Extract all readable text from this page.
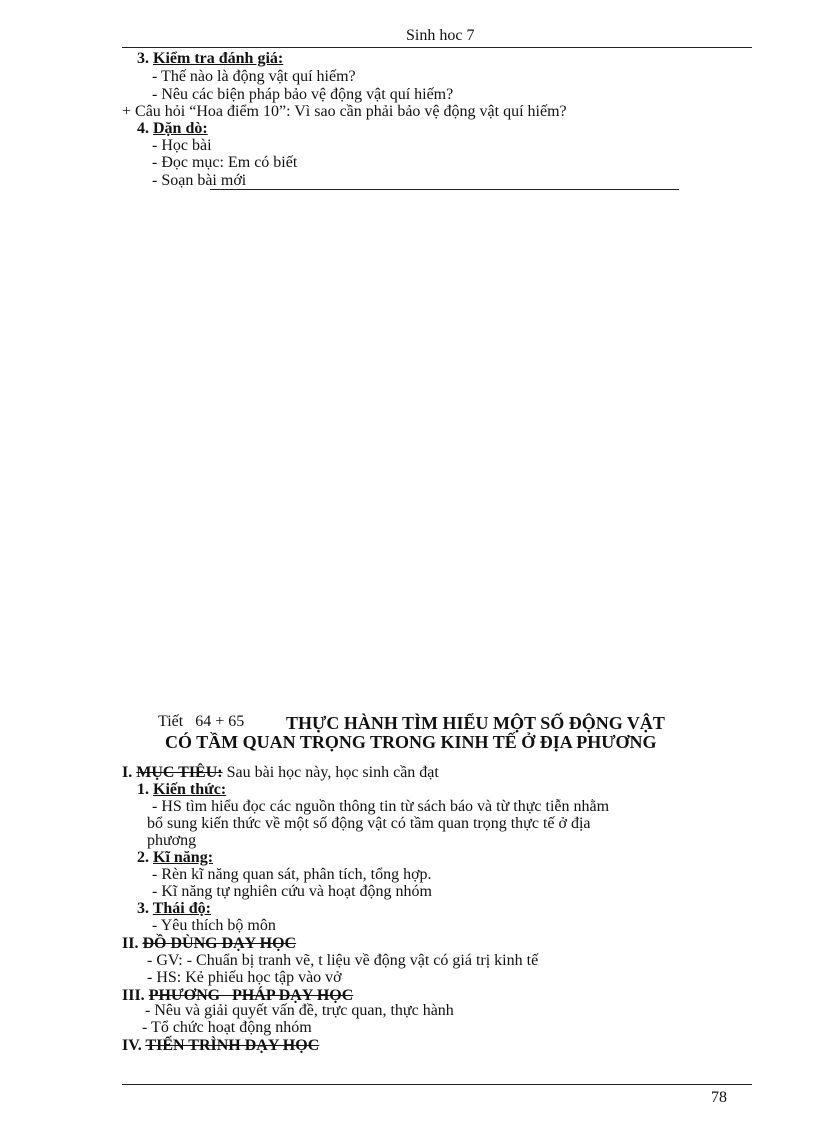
Sinh hoc 7
3. Kiểm tra đánh giá:
- Thế nào là động vật quí hiếm?
- Nêu các biện pháp bảo vệ động vật quí hiếm?
+ Câu hỏi “Hoa điểm 10”: Vì sao cần phải bảo vệ động vật quí hiếm?
4. Dặn dò:
- Học bài
- Đọc mục: Em có biết
- Soạn bài mới
Tiết 64 + 65 THỰC HÀNH TÌM HIỂU MỘT SỐ ĐỘNG VẬT
CÓ TẦM QUAN TRỌNG TRONG KINH TẾ Ở ĐỊA PHƯƠNG
I. MỤC TIÊU: Sau bài học này, học sinh cần đạt
1. Kiến thức:
- HS tìm hiểu đọc các nguồn thông tin từ sách báo và từ thực tiễn nhằm
bổ sung kiến thức về một số động vật có tầm quan trọng thực tế ở địa
phương
2. Kĩ năng:
- Rèn kĩ năng quan sát, phân tích, tổng hợp.
- Kĩ năng tự nghiên cứu và hoạt động nhóm
3. Thái độ:
- Yêu thích bộ môn
II. ĐỒ DÙNG DẠY HỌC
- GV: - Chuẩn bị tranh vẽ, t liệu về động vật có giá trị kinh tế
- HS: Kẻ phiếu học tập vào vở
III. PHƯƠNG   PHÁP DẠY HỌC
- Nêu và giải quyết vấn đề, trực quan, thực hành
- Tổ chức hoạt động nhóm
IV. TIẾN TRÌNH DẠY HỌC
78
